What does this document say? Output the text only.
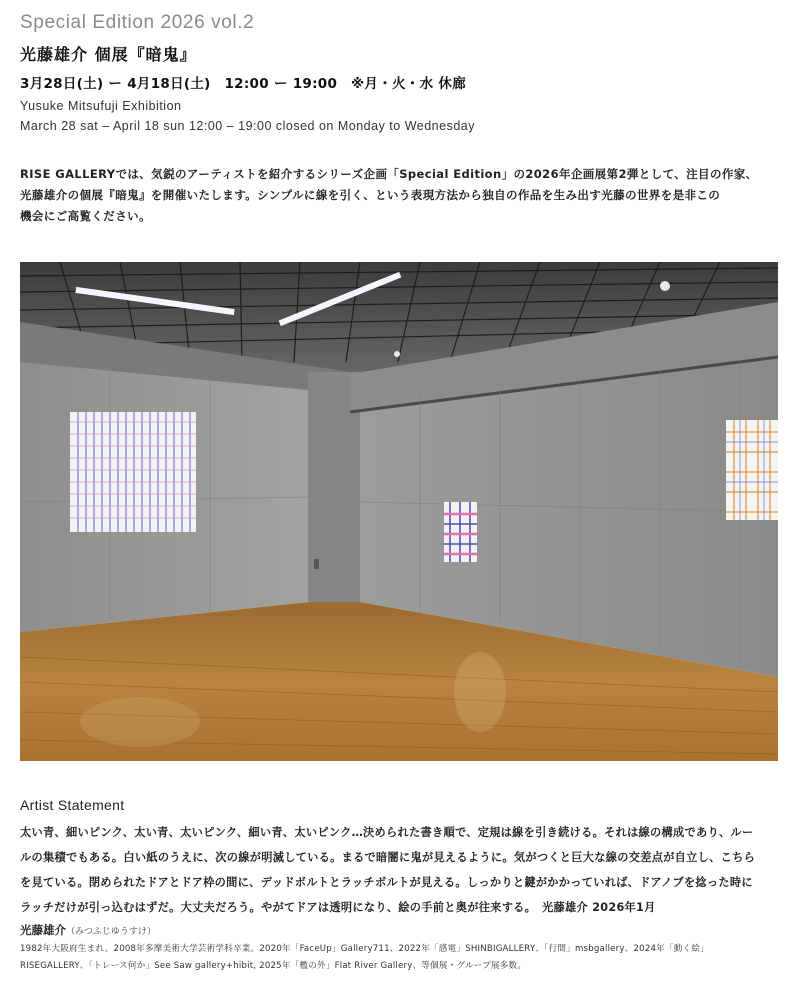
Special Edition 2026 vol.2
光藤雄介 個展『暗鬼』
3月28日(土) ー 4月18日(土)　12:00 ー 19:00　※月・火・水 休廊
Yusuke Mitsufuji Exhibition
March 28 sat – April 18 sun 12:00 – 19:00 closed on Monday to Wednesday

RISE GALLERYでは、気鋭のアーティストを紹介するシリーズ企画「Special Edition」の2026年企画展第2弾として、注目の作家、

光藤雄介の個展『暗鬼』を開催いたします。シンプルに線を引く、という表現方法から独自の作品を生み出す光藤の世界を是非この

機会にご高覧ください。

Artist Statement

太い青、細いピンク、太い青、太いピンク、細い青、太いピンク…決められた書き順で、定規は線を引き続ける。それは線の構成であり、ルー

ルの集積でもある。白い紙のうえに、次の線が明滅している。まるで暗闇に鬼が見えるように。気がつくと巨大な線の交差点が自立し、こちら

を見ている。閉められたドアとドア枠の間に、デッドボルトとラッチボルトが見える。しっかりと鍵がかかっていれば、ドアノブを捻った時に

ラッチだけが引っ込むはずだ。大丈夫だろう。やがてドアは透明になり、絵の手前と奥が往来する。　光藤雄介 2026年1月

光藤雄介（みつふじゆうすけ）

1982年大阪府生まれ。2008年多摩美術大学芸術学科卒業。2020年「FaceUp」Gallery711、2022年「感電」SHINBIGALLERY、「行間」msbgallery、2024年「動く絵」

RISEGALLERY、「トレース何か」See Saw gallery+hibit, 2025年「檻の外」Flat River Gallery、等個展・グループ展多数。
